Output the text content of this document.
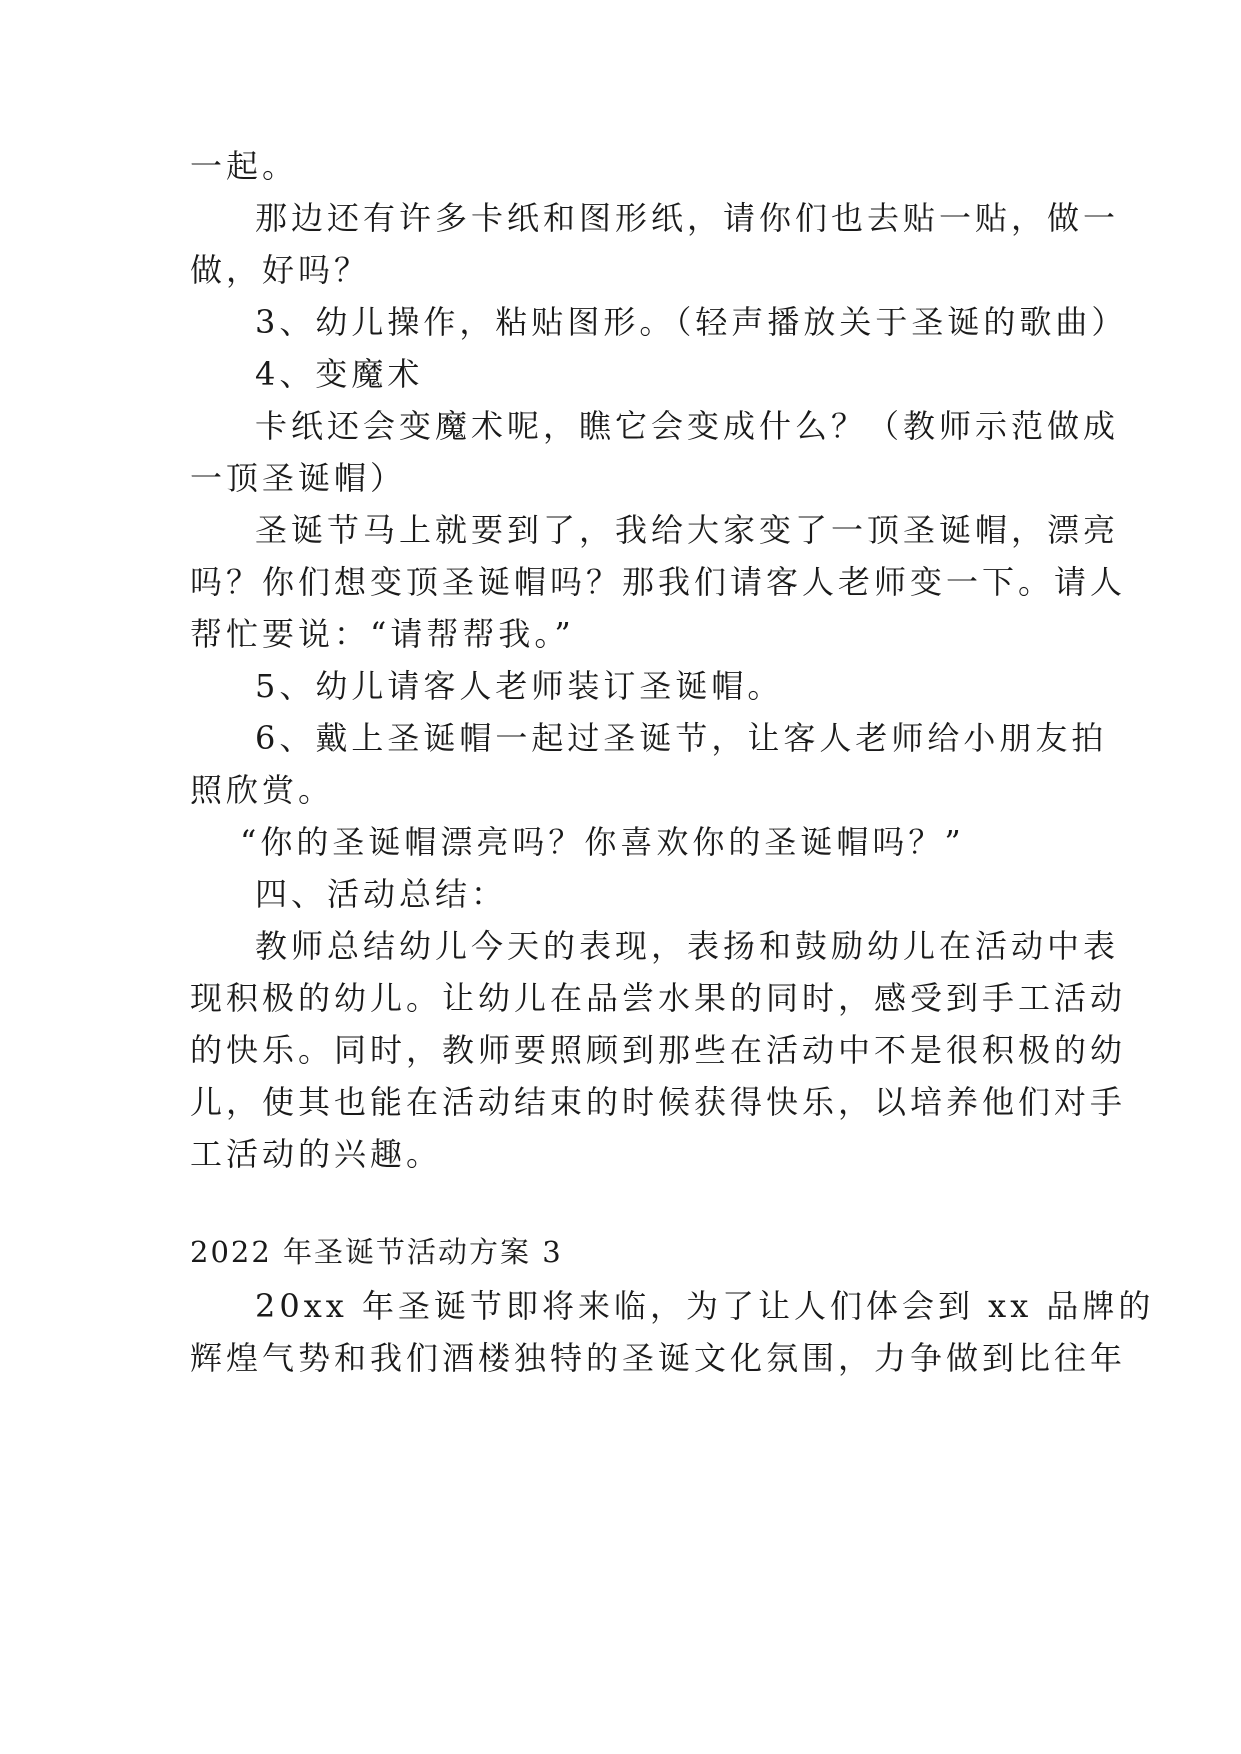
一起。
那边还有许多卡纸和图形纸，请你们也去贴一贴，做一
做，好吗？
3、幼儿操作，粘贴图形。（轻声播放关于圣诞的歌曲）
4、变魔术
卡纸还会变魔术呢，瞧它会变成什么？（教师示范做成
一顶圣诞帽）
圣诞节马上就要到了，我给大家变了一顶圣诞帽，漂亮
吗？你们想变顶圣诞帽吗？那我们请客人老师变一下。请人
帮忙要说：“请帮帮我。”
5、幼儿请客人老师装订圣诞帽。
6、戴上圣诞帽一起过圣诞节，让客人老师给小朋友拍
照欣赏。
“你的圣诞帽漂亮吗？你喜欢你的圣诞帽吗？”
四、活动总结：
教师总结幼儿今天的表现，表扬和鼓励幼儿在活动中表
现积极的幼儿。让幼儿在品尝水果的同时，感受到手工活动
的快乐。同时，教师要照顾到那些在活动中不是很积极的幼
儿，使其也能在活动结束的时候获得快乐，以培养他们对手
工活动的兴趣。
2022 年圣诞节活动方案 3
20xx 年圣诞节即将来临，为了让人们体会到 xx 品牌的
辉煌气势和我们酒楼独特的圣诞文化氛围，力争做到比往年
